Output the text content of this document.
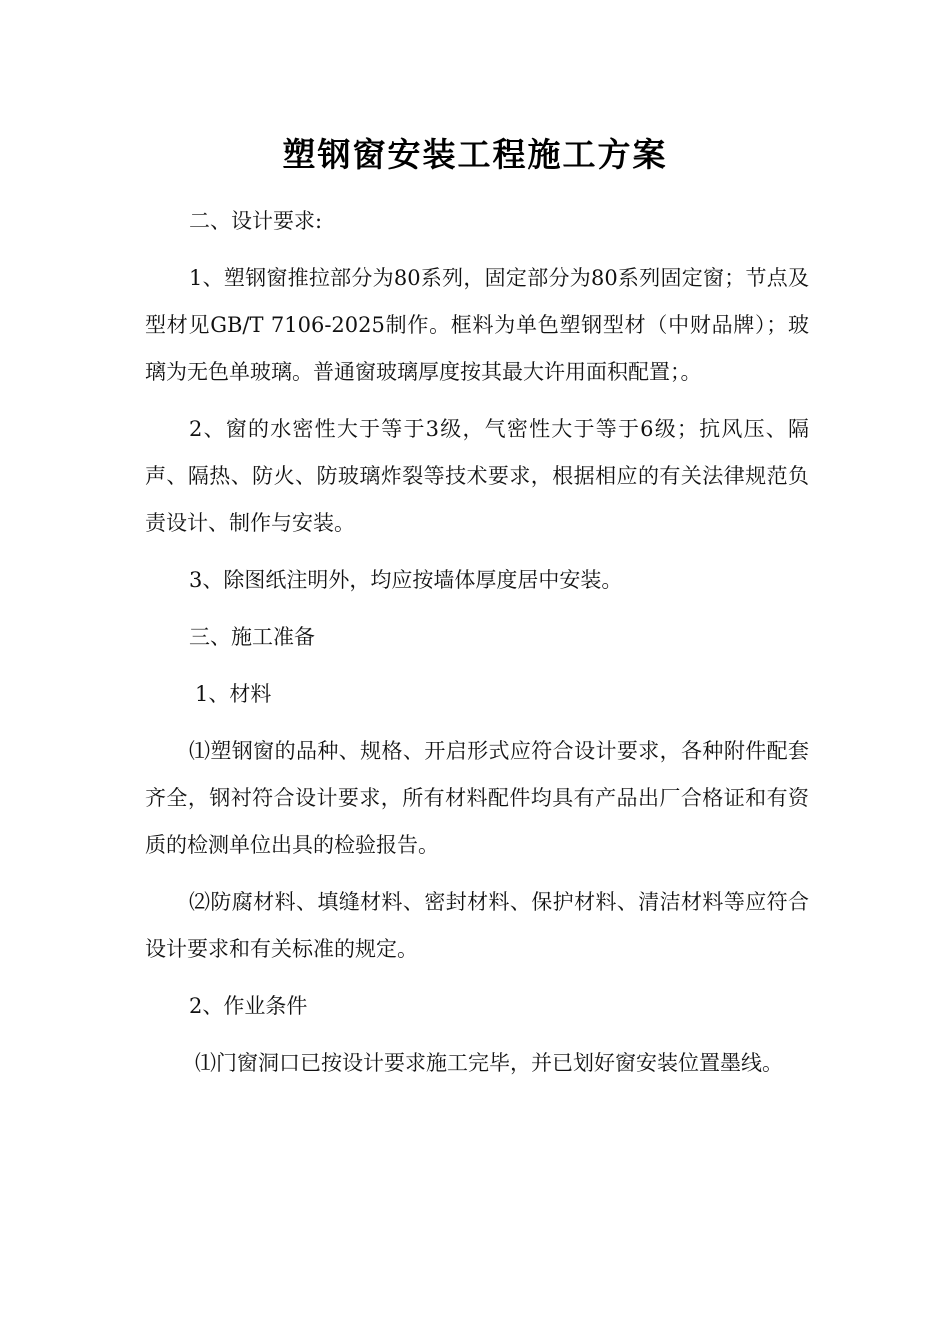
塑钢窗安装工程施工方案

二、设计要求:

1、塑钢窗推拉部分为80系列，固定部分为80系列固定窗；节点及型材见GB/T 7106-2025制作。框料为单色塑钢型材（中财品牌）；玻璃为无色单玻璃。普通窗玻璃厚度按其最大许用面积配置；。

2、窗的水密性大于等于3级，气密性大于等于6级；抗风压、隔声、隔热、防火、防玻璃炸裂等技术要求，根据相应的有关法律规范负责设计、制作与安装。

3、除图纸注明外，均应按墙体厚度居中安装。

三、施工准备

1、材料

⑴塑钢窗的品种、规格、开启形式应符合设计要求，各种附件配套齐全，钢衬符合设计要求，所有材料配件均具有产品出厂合格证和有资质的检测单位出具的检验报告。

⑵防腐材料、填缝材料、密封材料、保护材料、清洁材料等应符合设计要求和有关标准的规定。

2、作业条件

⑴门窗洞口已按设计要求施工完毕，并已划好窗安装位置墨线。
